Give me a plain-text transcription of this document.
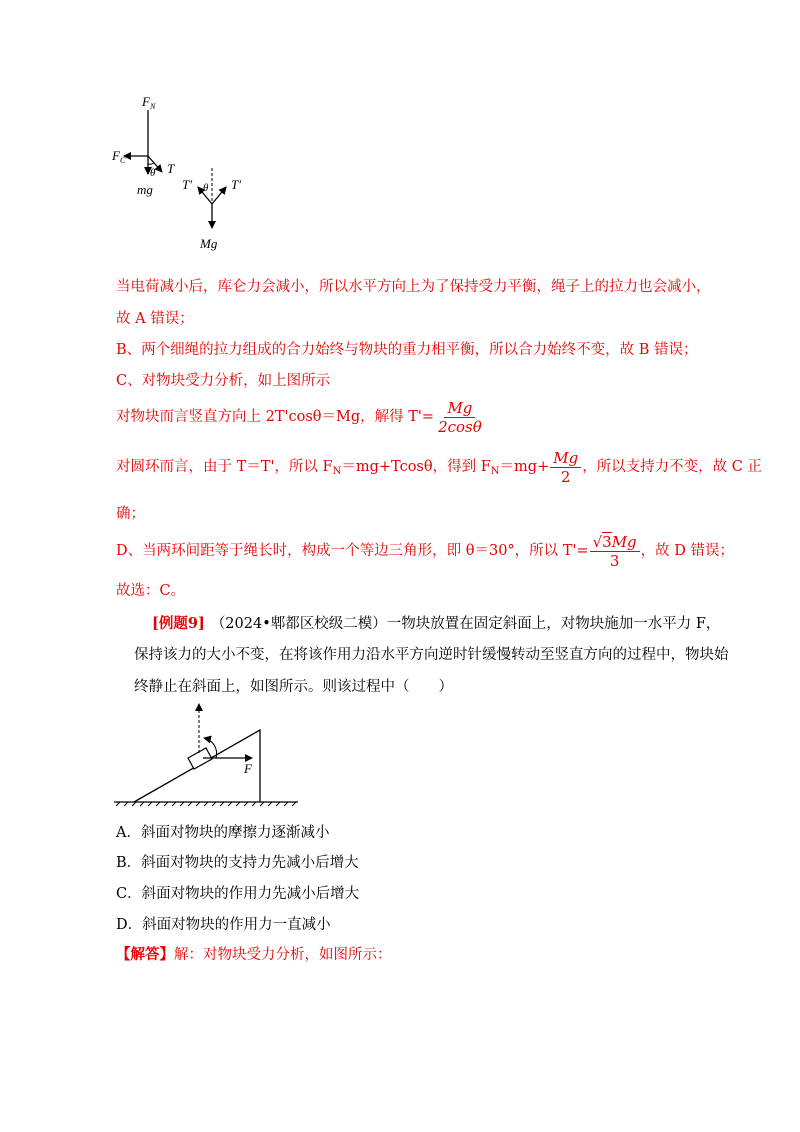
$F_N$
$F_C$
T
mg
θ
T′	T′
θ
Mg
当电荷减小后，库仑力会减小，所以水平方向上为了保持受力平衡，绳子上的拉力也会减小，
故 A 错误；
B、两个细绳的拉力组成的合力始终与物块的重力相平衡，所以合力始终不变，故 B 错误；
C、对物块受力分析，如上图所示
对物块而言竖直方向上 2T'cosθ＝Mg，解得 $T'= \frac{Mg}{2\cos\theta}$
对圆环而言，由于 T＝T'，所以 $F_N=mg+Tcos\theta$，得到 $F_N=mg+ \frac{Mg}{2}$ ，所以支持力不变，故 C 正
确；
D、当两环间距等于绳长时，构成一个等边三角形，即 θ＝30°，所以 $T'= \frac{√3Mg}{3}$ ，故 D 错误；
故选：C。
[例题9] （2024•郫都区校级二模）一物块放置在固定斜面上，对物块施加一水平力 F，
保持该力的大小不变，在将该作用力沿水平方向逆时针缓慢转动至竖直方向的过程中，物块始
终静止在斜面上，如图所示。则该过程中（　　）
F
A．斜面对物块的摩擦力逐渐减小
B．斜面对物块的支持力先减小后增大
C．斜面对物块的作用力先减小后增大
D．斜面对物块的作用力一直减小
【解答】解：对物块受力分析，如图所示：
